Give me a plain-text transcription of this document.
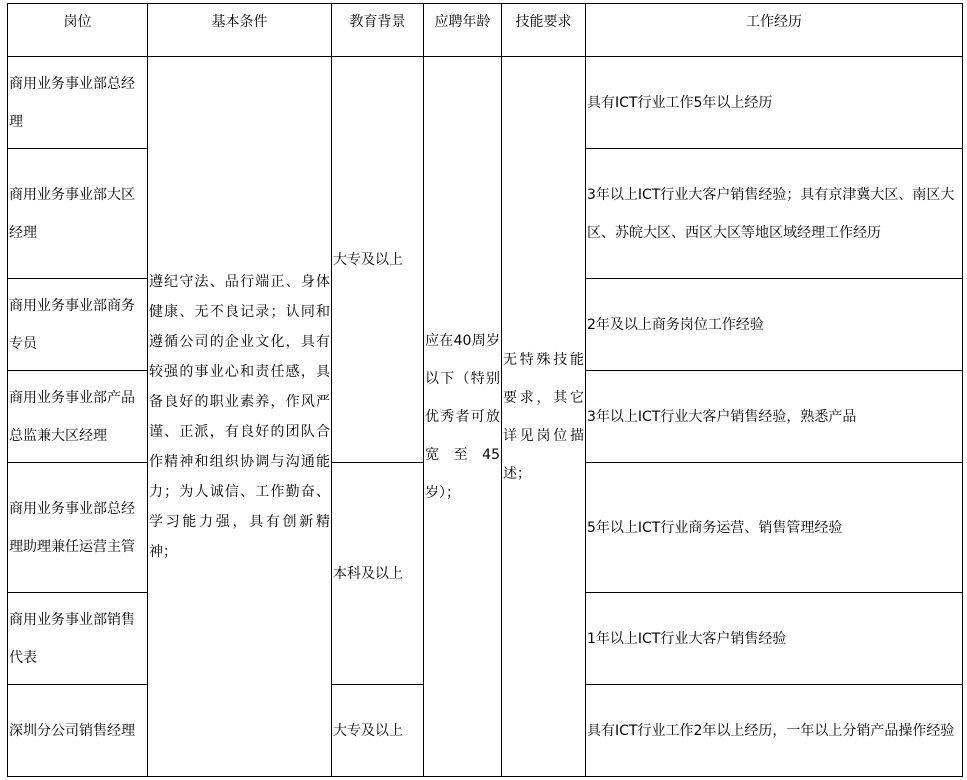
岗位	基本条件	教育背景	应聘年龄	技能要求	工作经历
商用业务事业部总经理	遵纪守法、品行端正、身体健康、无不良记录；认同和遵循公司的企业文化，具有较强的事业心和责任感，具备良好的职业素养，作风严谨、正派，有良好的团队合作精神和组织协调与沟通能力；为人诚信、工作勤奋、学习能力强，具有创新精神；	大专及以上	应在40周岁以下（特别优秀者可放宽至45岁）；	无特殊技能要求，其它详见岗位描述；	具有ICT行业工作5年以上经历
商用业务事业部大区经理					3年以上ICT行业大客户销售经验；具有京津冀大区、南区大区、苏皖大区、西区大区等地区域经理工作经历
商用业务事业部商务专员					2年及以上商务岗位工作经验
商用业务事业部产品总监兼大区经理					3年以上ICT行业大客户销售经验，熟悉产品
商用业务事业部总经理助理兼任运营主管		本科及以上			5年以上ICT行业商务运营、销售管理经验
商用业务事业部销售代表					1年以上ICT行业大客户销售经验
深圳分公司销售经理		大专及以上			具有ICT行业工作2年以上经历，一年以上分销产品操作经验
